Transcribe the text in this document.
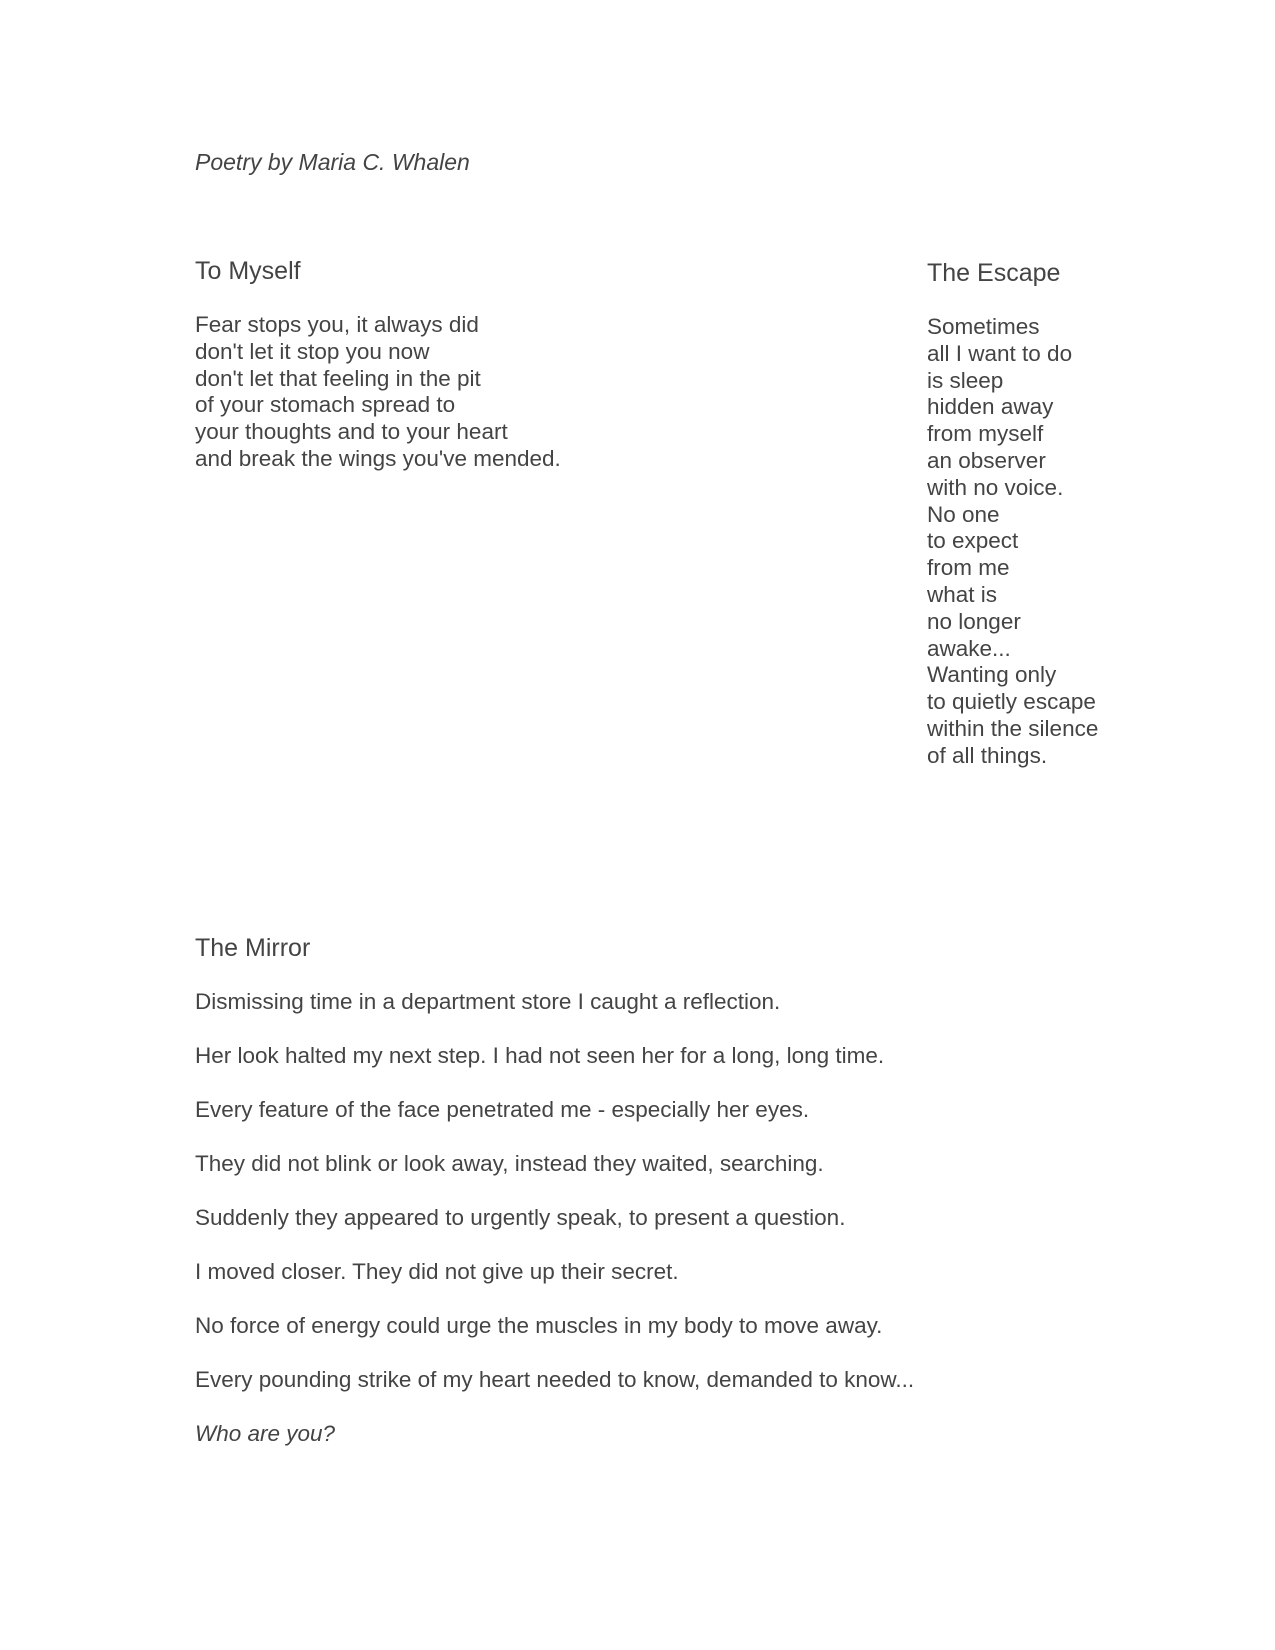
Poetry by Maria C. Whalen
To Myself
Fear stops you, it always did
don't let it stop you now
don't let that feeling in the pit
of your stomach spread to
your thoughts and to your heart
and break the wings you've mended.
The Escape
Sometimes
all I want to do
is sleep
hidden away
from myself
an observer
with no voice.
No one
to expect
from me
what is
no longer
awake...
Wanting only
to quietly escape
within the silence
of all things.
The Mirror
Dismissing time in a department store I caught a reflection.
Her look halted my next step. I had not seen her for a long, long time.
Every feature of the face penetrated me - especially her eyes.
They did not blink or look away, instead they waited, searching.
Suddenly they appeared to urgently speak, to present a question.
I moved closer. They did not give up their secret.
No force of energy could urge the muscles in my body to move away.
Every pounding strike of my heart needed to know, demanded to know...
Who are you?
